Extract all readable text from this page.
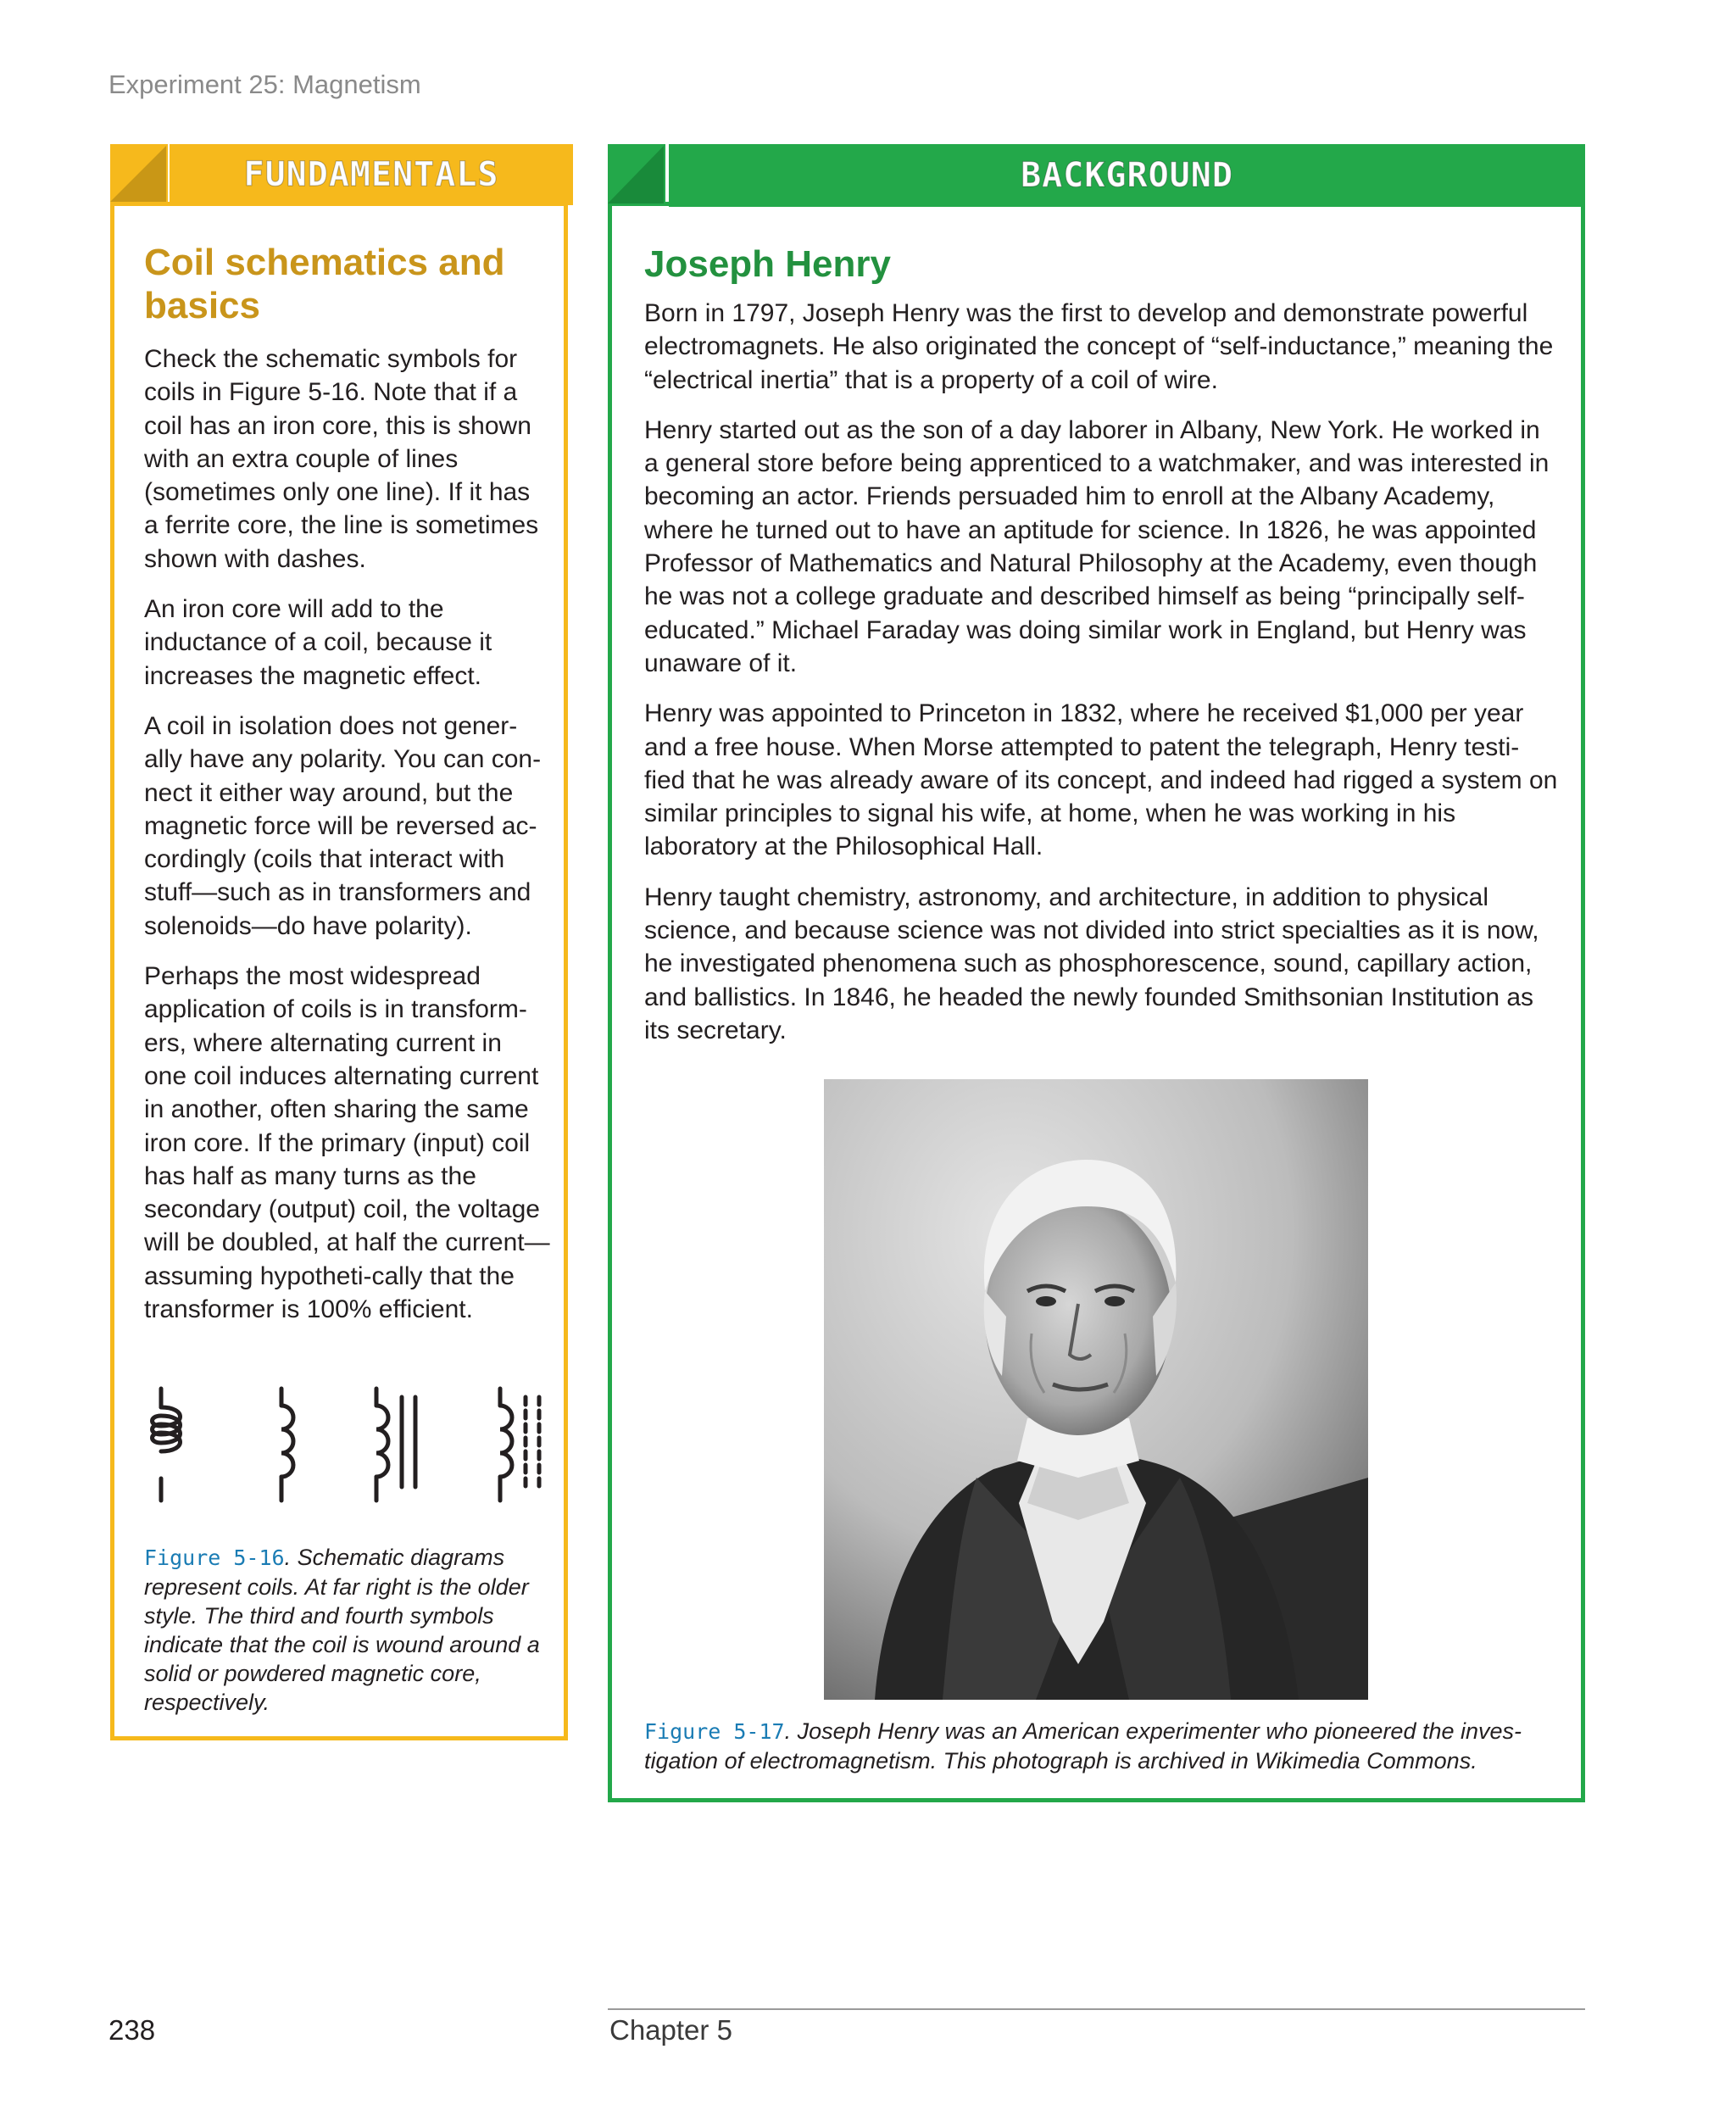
Experiment 25: Magnetism
FUNDAMENTALS
Coil schematics and basics

Check the schematic symbols for coils in Figure 5-16. Note that if a coil has an iron core, this is shown with an extra couple of lines (sometimes only one line). If it has a ferrite core, the line is sometimes shown with dashes.

An iron core will add to the inductance of a coil, because it increases the magnetic effect.

A coil in isolation does not gener-ally have any polarity. You can con-nect it either way around, but the magnetic force will be reversed ac-cordingly (coils that interact with stuff—such as in transformers and solenoids—do have polarity).

Perhaps the most widespread application of coils is in transform-ers, where alternating current in one coil induces alternating current in another, often sharing the same iron core. If the primary (input) coil has half as many turns as the secondary (output) coil, the voltage will be doubled, at half the current—assuming hypotheti-cally that the transformer is 100% efficient.

Figure 5-16. Schematic diagrams represent coils. At far right is the older style. The third and fourth symbols indicate that the coil is wound around a solid or powdered magnetic core, respectively.
BACKGROUND
Joseph Henry

Born in 1797, Joseph Henry was the first to develop and demonstrate powerful electromagnets. He also originated the concept of “self-inductance,” meaning the “electrical inertia” that is a property of a coil of wire.

Henry started out as the son of a day laborer in Albany, New York. He worked in a general store before being apprenticed to a watchmaker, and was interested in becoming an actor. Friends persuaded him to enroll at the Albany Academy, where he turned out to have an aptitude for science. In 1826, he was appointed Professor of Mathematics and Natural Philosophy at the Academy, even though he was not a college graduate and described himself as being “principally self-educated.” Michael Faraday was doing similar work in England, but Henry was unaware of it.

Henry was appointed to Princeton in 1832, where he received $1,000 per year and a free house. When Morse attempted to patent the telegraph, Henry testi-fied that he was already aware of its concept, and indeed had rigged a system on similar principles to signal his wife, at home, when he was working in his laboratory at the Philosophical Hall.

Henry taught chemistry, astronomy, and architecture, in addition to physical science, and because science was not divided into strict specialties as it is now, he investigated phenomena such as phosphorescence, sound, capillary action, and ballistics. In 1846, he headed the newly founded Smithsonian Institution as its secretary.

Figure 5-17. Joseph Henry was an American experimenter who pioneered the inves-tigation of electromagnetism. This photograph is archived in Wikimedia Commons.
238	Chapter 5
